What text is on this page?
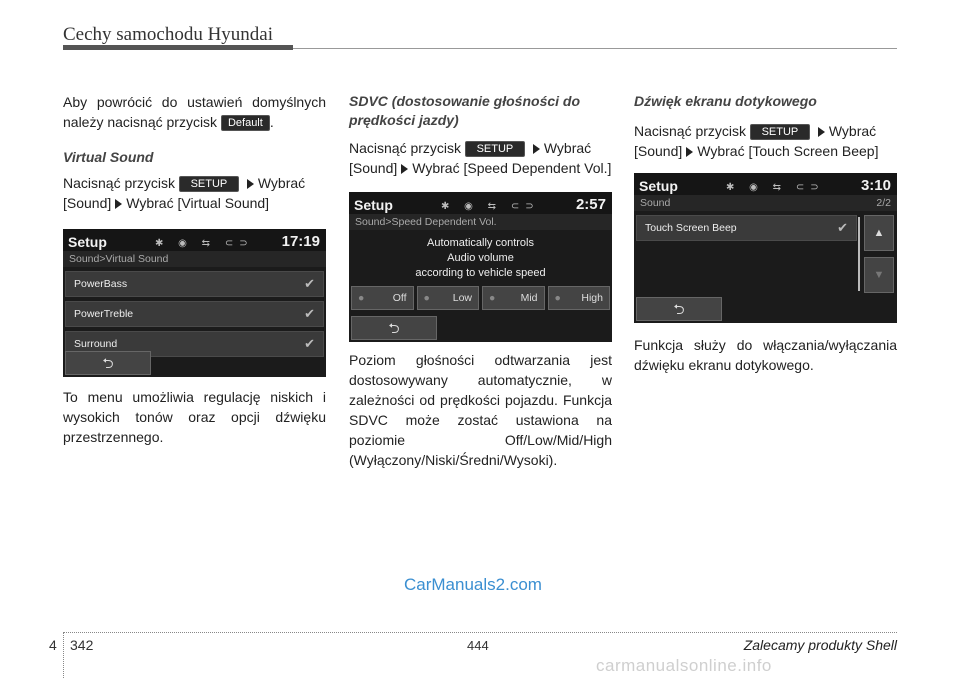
Cechy samochodu Hyundai

Aby powrócić do ustawień domyślnych należy nacisnąć przycisk Default .

Virtual Sound

Nacisnąć przycisk SETUP Wybrać
[Sound] Wybrać [Virtual Sound]

Setup	✱ ◉ ⇆ ⊂⊃ 17:19
Sound>Virtual Sound
PowerBass	✔
PowerTreble	✔
Surround	✔
⮌

To menu umożliwia regulację niskich i wysokich tonów oraz opcji dźwięku przestrzennego.

SDVC (dostosowanie głośności do prędkości jazdy)

Nacisnąć przycisk SETUP Wybrać
[Sound] Wybrać [Speed Dependent Vol.]

Setup	✱ ◉ ⇆ ⊂⊃ 2:57
Sound>Speed Dependent Vol.
Automatically controls
Audio volume
according to vehicle speed
●	Off	● Low	● Mid	● High
⮌

Poziom głośności odtwarzania jest dostosowywany automatycznie, w zależności od prędkości pojazdu. Funkcja SDVC może zostać ustawiona na poziomie Off/Low/Mid/High (Wyłączony/Niski/Średni/Wysoki).

Dźwięk ekranu dotykowego

Nacisnąć przycisk SETUP Wybrać
[Sound] Wybrać [Touch Screen Beep]

Setup	✱ ◉ ⇆ ⊂⊃ 3:10
Sound	2/2
Touch Screen Beep	✔	▲
▼
⮌

Funkcja służy do włączania/wyłączania dźwięku ekranu dotykowego.

CarManuals2.com
4 342	444	Zalecamy produkty Shell
carmanualsonline.info
